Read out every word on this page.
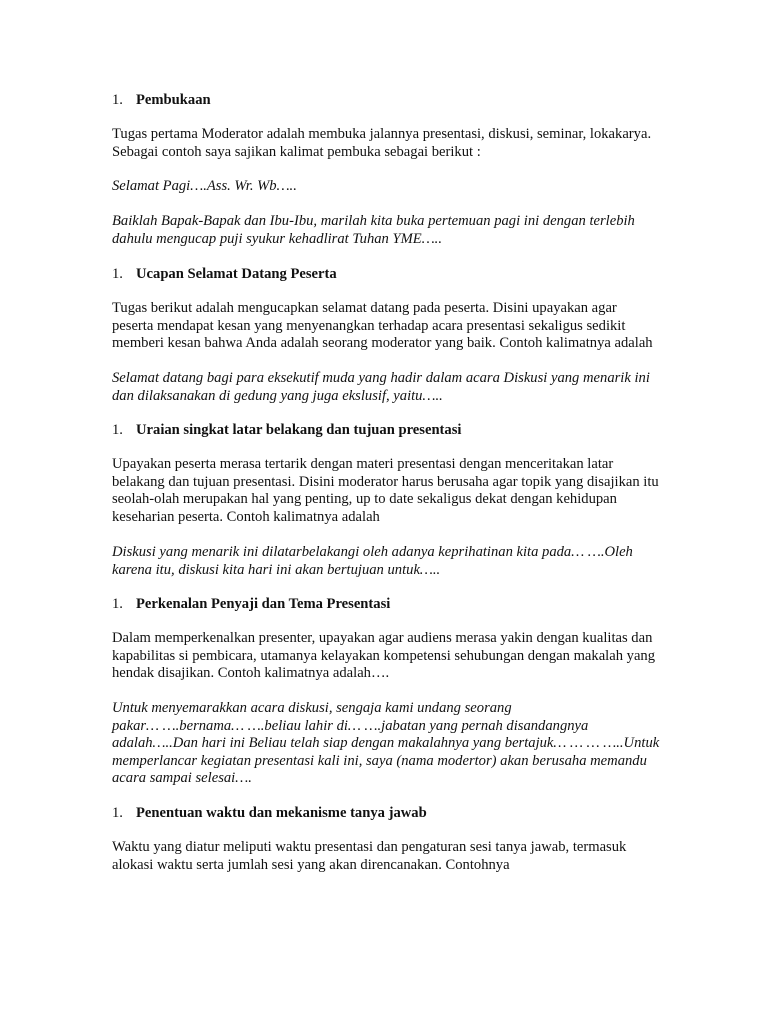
1. Pembukaan

Tugas pertama Moderator adalah membuka jalannya presentasi, diskusi, seminar, lokakarya.
Sebagai contoh saya sajikan kalimat pembuka sebagai berikut :

Selamat Pagi….Ass. Wr. Wb…..

Baiklah Bapak-Bapak dan Ibu-Ibu, marilah kita buka pertemuan pagi ini dengan terlebih
dahulu mengucap puji syukur kehadlirat Tuhan YME…..

1. Ucapan Selamat Datang Peserta

Tugas berikut adalah mengucapkan selamat datang pada peserta. Disini upayakan agar
peserta mendapat kesan yang menyenangkan terhadap acara presentasi sekaligus sedikit
memberi kesan bahwa Anda adalah seorang moderator yang baik. Contoh kalimatnya adalah

Selamat datang bagi para eksekutif muda yang hadir dalam acara Diskusi yang menarik ini
dan dilaksanakan di gedung yang juga ekslusif, yaitu…..

1. Uraian singkat latar belakang dan tujuan presentasi

Upayakan peserta merasa tertarik dengan materi presentasi dengan menceritakan latar
belakang dan tujuan presentasi. Disini moderator harus berusaha agar topik yang disajikan itu
seolah-olah merupakan hal yang penting, up to date sekaligus dekat dengan kehidupan
keseharian peserta. Contoh kalimatnya adalah

Diskusi yang menarik ini dilatarbelakangi oleh adanya keprihatinan kita pada… ….Oleh
karena itu, diskusi kita hari ini akan bertujuan untuk…..

1. Perkenalan Penyaji dan Tema Presentasi

Dalam memperkenalkan presenter, upayakan agar audiens merasa yakin dengan kualitas dan
kapabilitas si pembicara, utamanya kelayakan kompetensi sehubungan dengan makalah yang
hendak disajikan. Contoh kalimatnya adalah….

Untuk menyemarakkan acara diskusi, sengaja kami undang seorang
pakar… ….bernama… ….beliau lahir di… ….jabatan yang pernah disandangnya
adalah…..Dan hari ini Beliau telah siap dengan makalahnya yang bertajuk… … … …..Untuk
memperlancar kegiatan presentasi kali ini, saya (nama modertor) akan berusaha memandu
acara sampai selesai….

1. Penentuan waktu dan mekanisme tanya jawab

Waktu yang diatur meliputi waktu presentasi dan pengaturan sesi tanya jawab, termasuk
alokasi waktu serta jumlah sesi yang akan direncanakan. Contohnya
